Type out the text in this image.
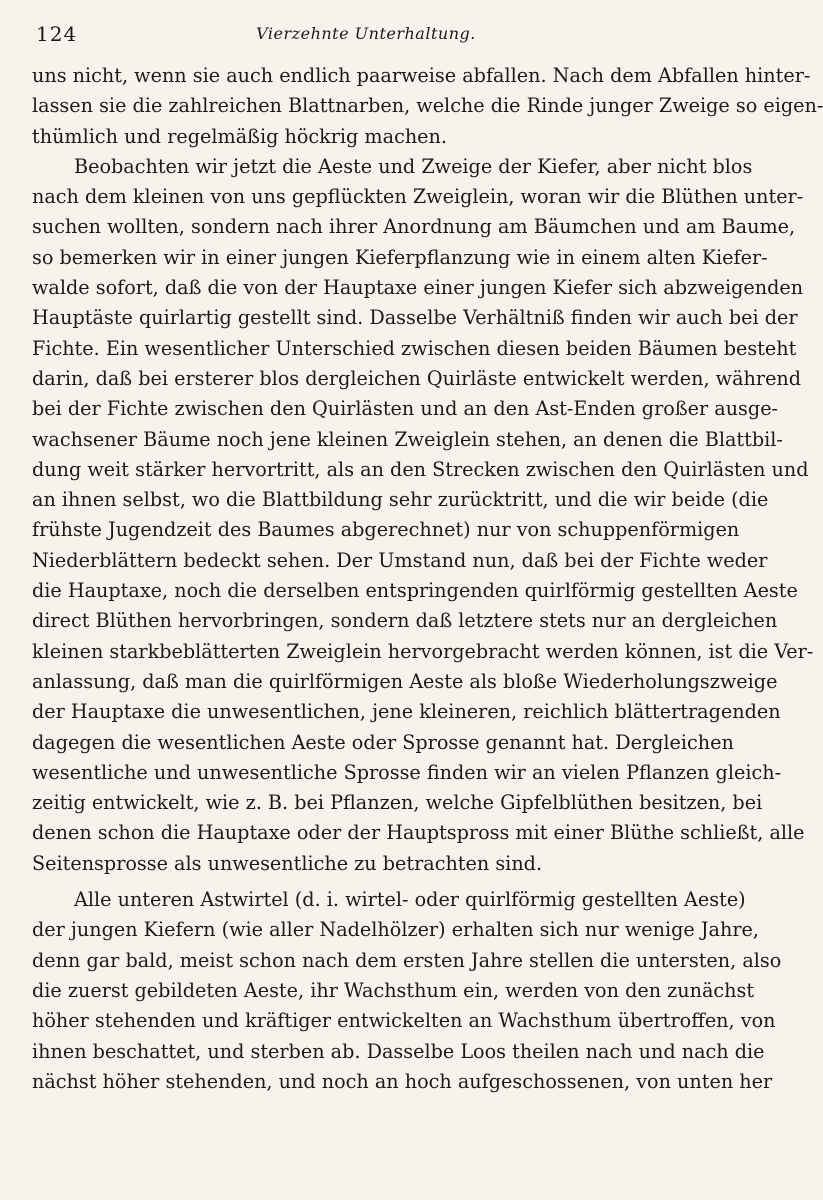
124	Vierzehnte Unterhaltung.
uns nicht, wenn sie auch endlich paarweise abfallen. Nach dem Abfallen hinter-
lassen sie die zahlreichen Blattnarben, welche die Rinde junger Zweige so eigen-
thümlich und regelmäßig höckrig machen.
Beobachten wir jetzt die Aeste und Zweige der Kiefer, aber nicht blos
nach dem kleinen von uns gepflückten Zweiglein, woran wir die Blüthen unter-
suchen wollten, sondern nach ihrer Anordnung am Bäumchen und am Baume,
so bemerken wir in einer jungen Kieferpflanzung wie in einem alten Kiefer-
walde sofort, daß die von der Hauptaxe einer jungen Kiefer sich abzweigenden
Hauptäste quirlartig gestellt sind. Dasselbe Verhältniß finden wir auch bei der
Fichte. Ein wesentlicher Unterschied zwischen diesen beiden Bäumen besteht
darin, daß bei ersterer blos dergleichen Quirläste entwickelt werden, während
bei der Fichte zwischen den Quirlästen und an den Ast-Enden großer ausge-
wachsener Bäume noch jene kleinen Zweiglein stehen, an denen die Blattbil-
dung weit stärker hervortritt, als an den Strecken zwischen den Quirlästen und
an ihnen selbst, wo die Blattbildung sehr zurücktritt, und die wir beide (die
frühste Jugendzeit des Baumes abgerechnet) nur von schuppenförmigen
Niederblättern bedeckt sehen. Der Umstand nun, daß bei der Fichte weder
die Hauptaxe, noch die derselben entspringenden quirlförmig gestellten Aeste
direct Blüthen hervorbringen, sondern daß letztere stets nur an dergleichen
kleinen starkbeblätterten Zweiglein hervorgebracht werden können, ist die Ver-
anlassung, daß man die quirlförmigen Aeste als bloße Wiederholungszweige
der Hauptaxe die unwesentlichen, jene kleineren, reichlich blättertragenden
dagegen die wesentlichen Aeste oder Sprosse genannt hat. Dergleichen
wesentliche und unwesentliche Sprosse finden wir an vielen Pflanzen gleich-
zeitig entwickelt, wie z. B. bei Pflanzen, welche Gipfelblüthen besitzen, bei
denen schon die Hauptaxe oder der Hauptspross mit einer Blüthe schließt, alle
Seitensprosse als unwesentliche zu betrachten sind.
Alle unteren Astwirtel (d. i. wirtel- oder quirlförmig gestellten Aeste)
der jungen Kiefern (wie aller Nadelhölzer) erhalten sich nur wenige Jahre,
denn gar bald, meist schon nach dem ersten Jahre stellen die untersten, also
die zuerst gebildeten Aeste, ihr Wachsthum ein, werden von den zunächst
höher stehenden und kräftiger entwickelten an Wachsthum übertroffen, von
ihnen beschattet, und sterben ab. Dasselbe Loos theilen nach und nach die
nächst höher stehenden, und noch an hoch aufgeschossenen, von unten her
